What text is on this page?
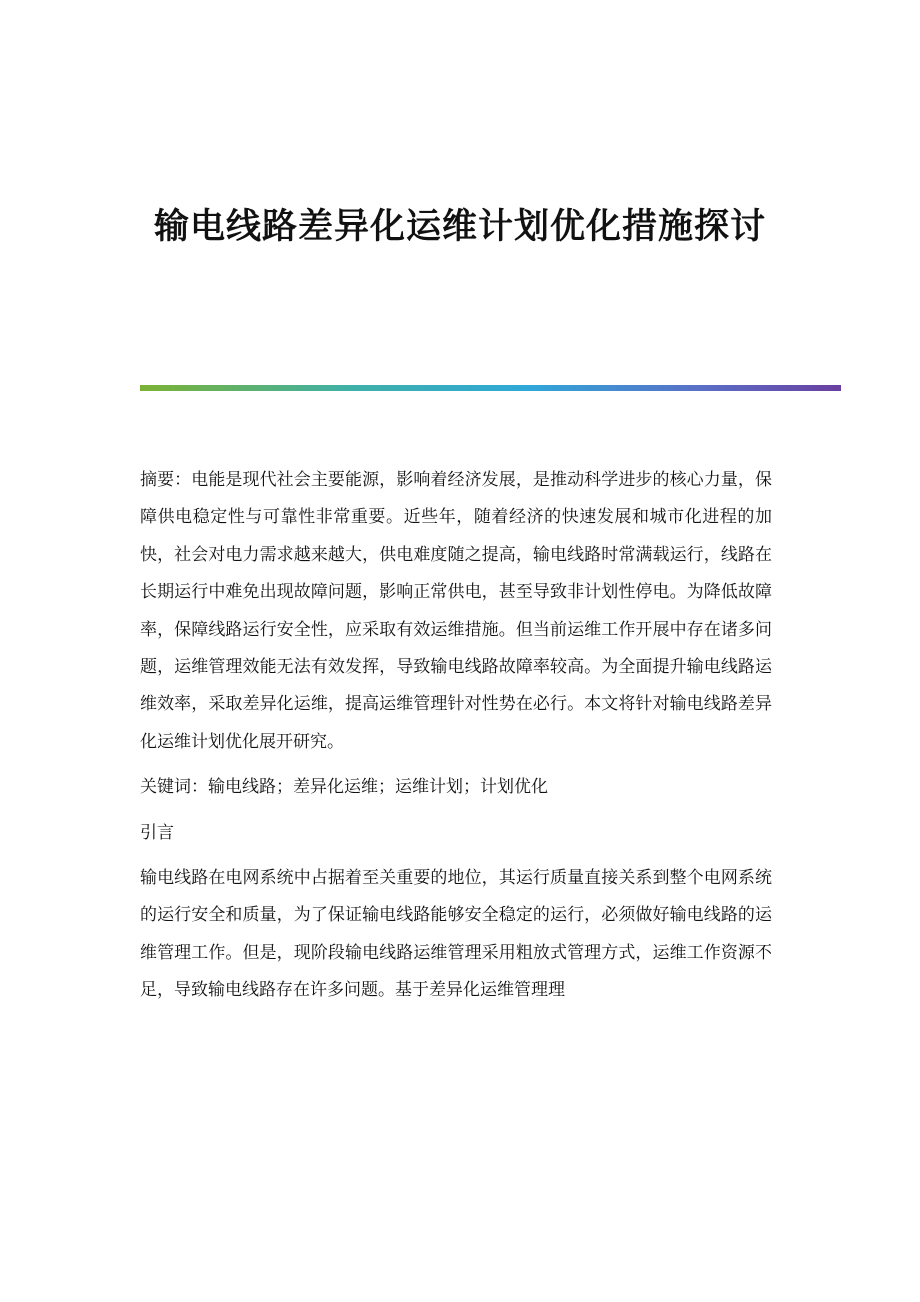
输电线路差异化运维计划优化措施探讨

摘要：电能是现代社会主要能源，影响着经济发展，是推动科学进步的核心力量，保障供电稳定性与可靠性非常重要。近些年，随着经济的快速发展和城市化进程的加快，社会对电力需求越来越大，供电难度随之提高，输电线路时常满载运行，线路在长期运行中难免出现故障问题，影响正常供电，甚至导致非计划性停电。为降低故障率，保障线路运行安全性，应采取有效运维措施。但当前运维工作开展中存在诸多问题，运维管理效能无法有效发挥，导致输电线路故障率较高。为全面提升输电线路运维效率，采取差异化运维，提高运维管理针对性势在必行。本文将针对输电线路差异化运维计划优化展开研究。

关键词：输电线路；差异化运维；运维计划；计划优化

引言

输电线路在电网系统中占据着至关重要的地位，其运行质量直接关系到整个电网系统的运行安全和质量，为了保证输电线路能够安全稳定的运行，必须做好输电线路的运维管理工作。但是，现阶段输电线路运维管理采用粗放式管理方式，运维工作资源不足，导致输电线路存在许多问题。基于差异化运维管理理
